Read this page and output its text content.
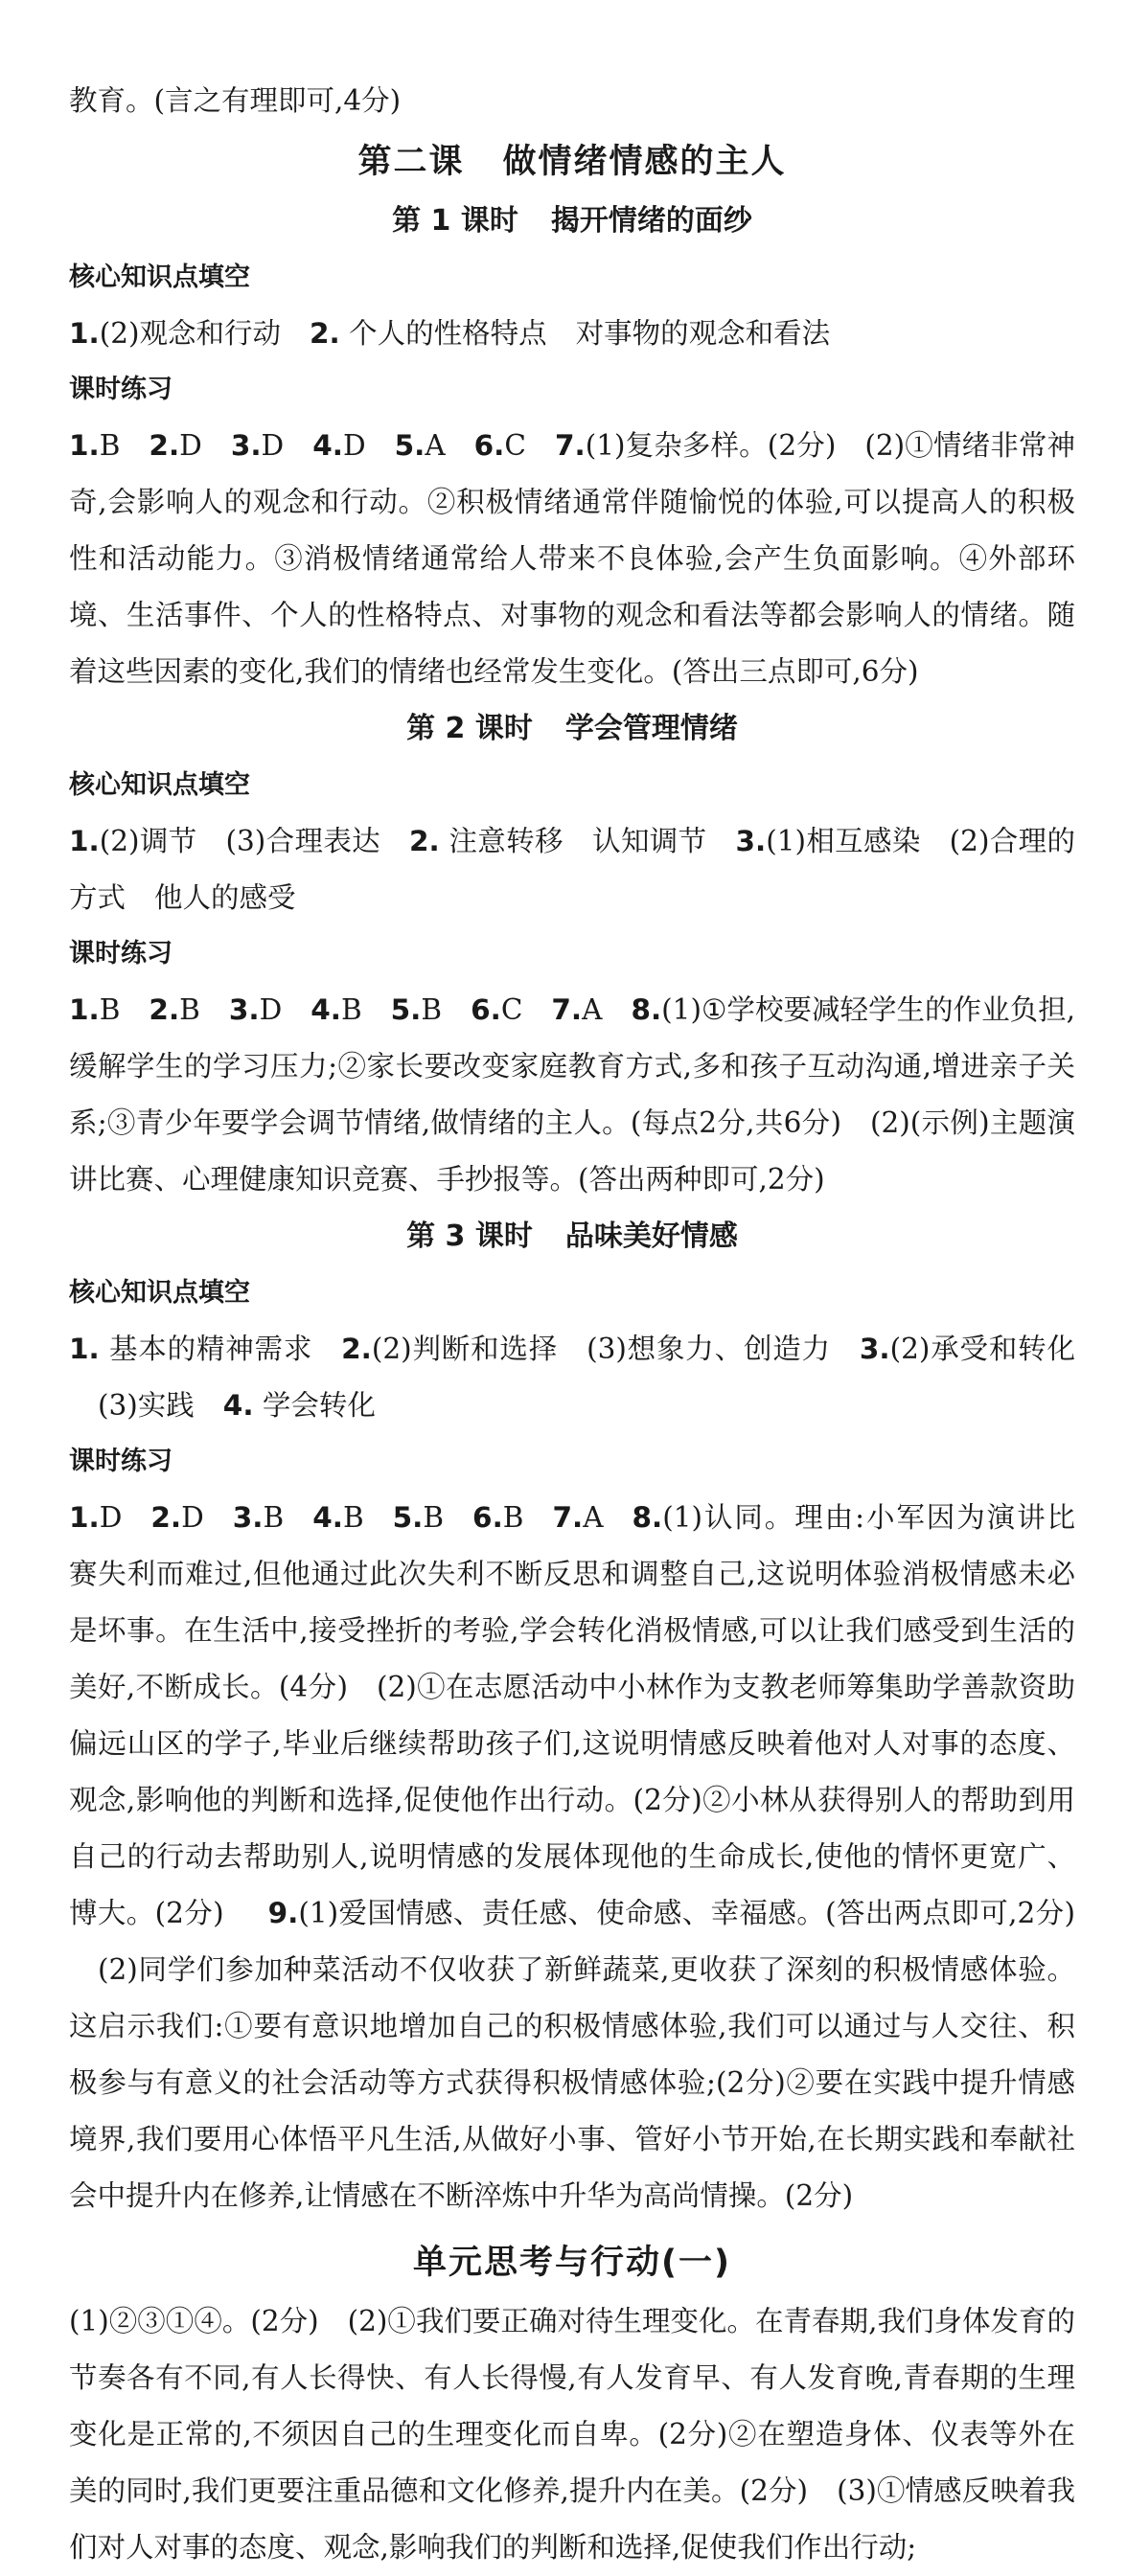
教育。(言之有理即可,4分)

第二课 做情绪情感的主人
第 1 课时 揭开情绪的面纱

核心知识点填空

1.(2)观念和行动 2. 个人的性格特点 对事物的观念和看法

课时练习

1.B 2.D 3.D 4.D 5.A 6.C 7.(1)复杂多样。(2分) (2)①情绪非常神奇,会影响人的观念和行动。②积极情绪通常伴随愉悦的体验,可以提高人的积极性和活动能力。③消极情绪通常给人带来不良体验,会产生负面影响。④外部环境、生活事件、个人的性格特点、对事物的观念和看法等都会影响人的情绪。随着这些因素的变化,我们的情绪也经常发生变化。(答出三点即可,6分)

第 2 课时 学会管理情绪

核心知识点填空

1.(2)调节 (3)合理表达 2. 注意转移 认知调节 3.(1)相互感染 (2)合理的方式 他人的感受

课时练习

1.B 2.B 3.D 4.B 5.B 6.C 7.A 8.(1)①学校要减轻学生的作业负担,缓解学生的学习压力;②家长要改变家庭教育方式,多和孩子互动沟通,增进亲子关系;③青少年要学会调节情绪,做情绪的主人。(每点2分,共6分) (2)(示例)主题演讲比赛、心理健康知识竞赛、手抄报等。(答出两种即可,2分)

第 3 课时 品味美好情感

核心知识点填空

1. 基本的精神需求 2.(2)判断和选择 (3)想象力、创造力 3.(2)承受和转化(3)实践 4. 学会转化

课时练习

1.D 2.D 3.B 4.B 5.B 6.B 7.A 8.(1)认同。理由:小军因为演讲比赛失利而难过,但他通过此次失利不断反思和调整自己,这说明体验消极情感未必是坏事。在生活中,接受挫折的考验,学会转化消极情感,可以让我们感受到生活的美好,不断成长。(4分) (2)①在志愿活动中小林作为支教老师筹集助学善款资助偏远山区的学子,毕业后继续帮助孩子们,这说明情感反映着他对人对事的态度、观念,影响他的判断和选择,促使他作出行动。(2分)②小林从获得别人的帮助到用自己的行动去帮助别人,说明情感的发展体现他的生命成长,使他的情怀更宽广、博大。(2分) 9.(1)爱国情感、责任感、使命感、幸福感。(答出两点即可,2分)(2)同学们参加种菜活动不仅收获了新鲜蔬菜,更收获了深刻的积极情感体验。这启示我们:①要有意识地增加自己的积极情感体验,我们可以通过与人交往、积极参与有意义的社会活动等方式获得积极情感体验;(2分)②要在实践中提升情感境界,我们要用心体悟平凡生活,从做好小事、管好小节开始,在长期实践和奉献社会中提升内在修养,让情感在不断淬炼中升华为高尚情操。(2分)

单元思考与行动(一)

(1)②③①④。(2分) (2)①我们要正确对待生理变化。在青春期,我们身体发育的节奏各有不同,有人长得快、有人长得慢,有人发育早、有人发育晚,青春期的生理变化是正常的,不须因自己的生理变化而自卑。(2分)②在塑造身体、仪表等外在美的同时,我们更要注重品德和文化修养,提升内在美。(2分) (3)①情感反映着我们对人对事的态度、观念,影响我们的判断和选择,促使我们作出行动;
